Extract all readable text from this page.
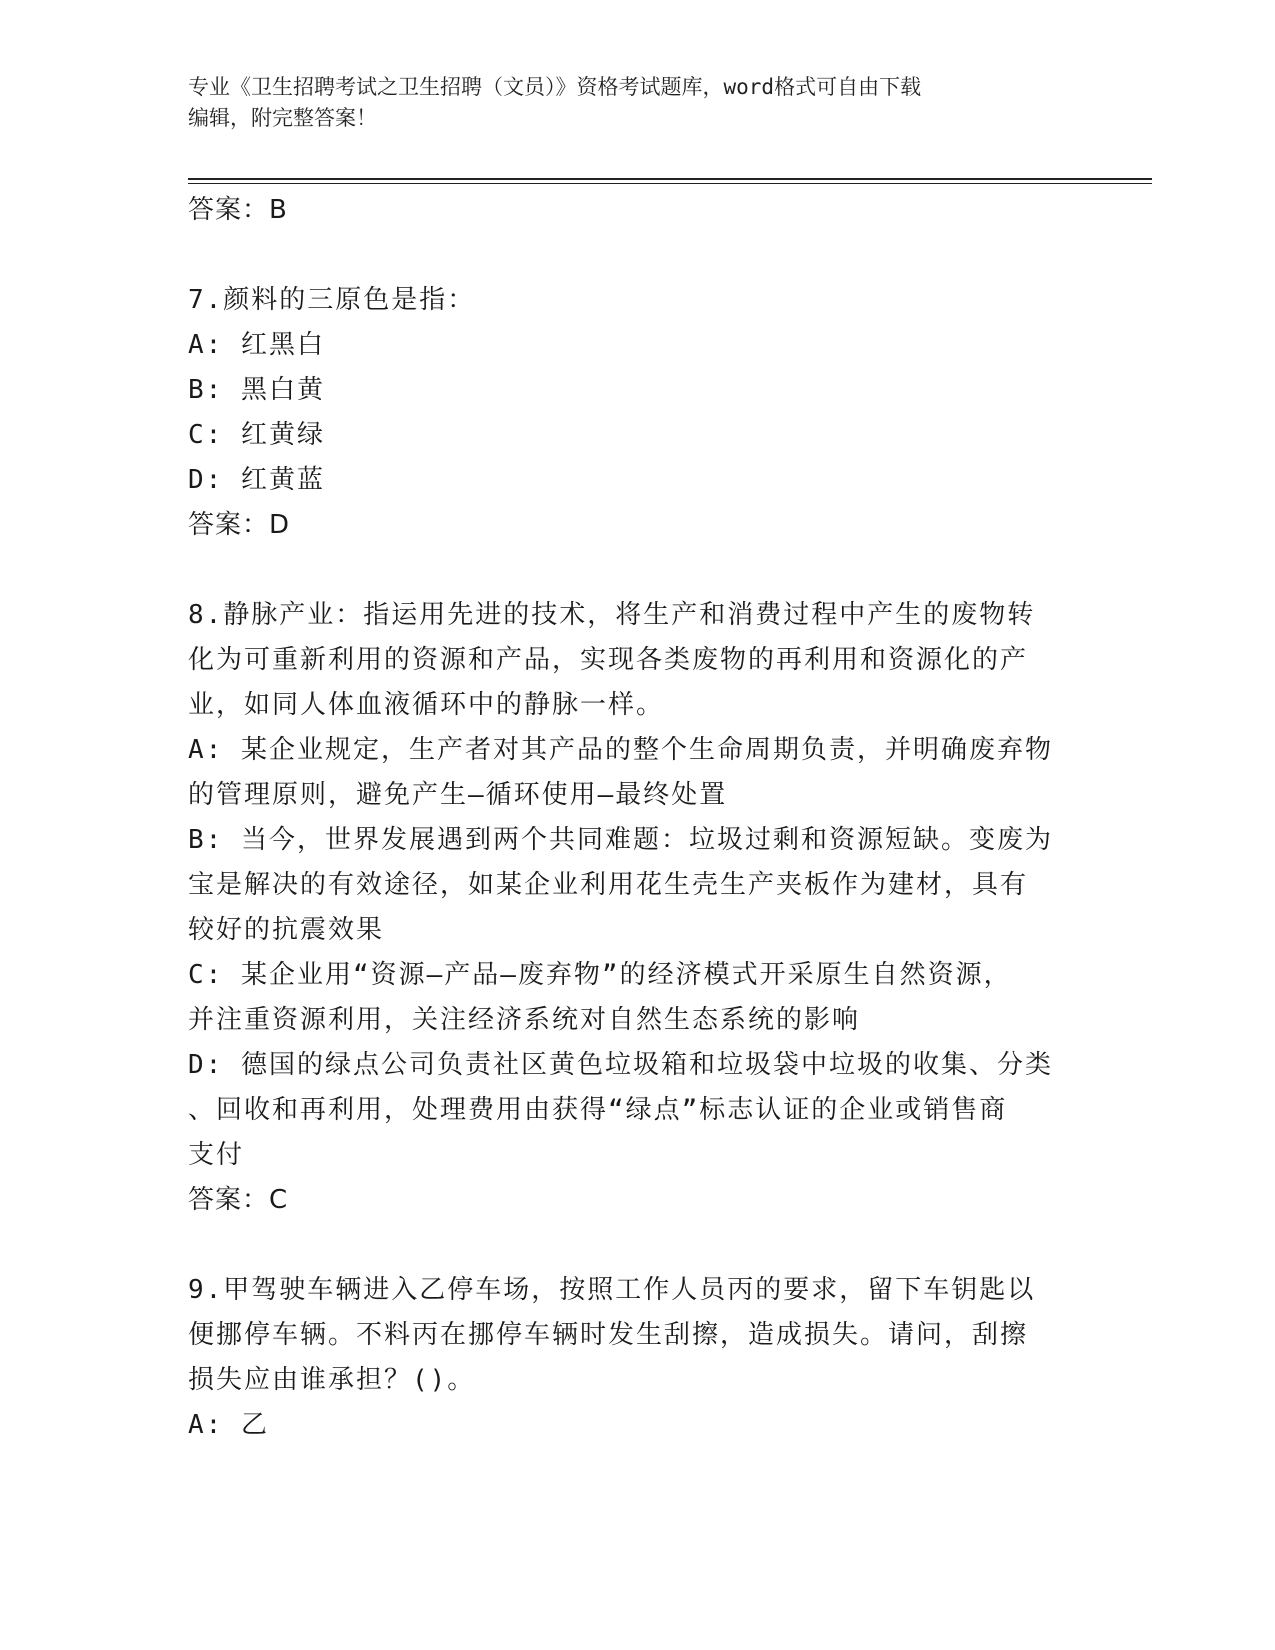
专业《卫生招聘考试之卫生招聘（文员）》资格考试题库，word格式可自由下载
编辑，附完整答案！

答案：B

7.颜料的三原色是指：

A: 红黑白

B: 黑白黄

C: 红黄绿

D: 红黄蓝

答案：D

8.静脉产业：指运用先进的技术，将生产和消费过程中产生的废物转

化为可重新利用的资源和产品，实现各类废物的再利用和资源化的产

业，如同人体血液循环中的静脉一样。

A: 某企业规定，生产者对其产品的整个生命周期负责，并明确废弃物

的管理原则，避免产生—循环使用—最终处置

B: 当今，世界发展遇到两个共同难题：垃圾过剩和资源短缺。变废为

宝是解决的有效途径，如某企业利用花生壳生产夹板作为建材，具有

较好的抗震效果

C: 某企业用“资源—产品—废弃物”的经济模式开采原生自然资源，

并注重资源利用，关注经济系统对自然生态系统的影响

D: 德国的绿点公司负责社区黄色垃圾箱和垃圾袋中垃圾的收集、分类

、回收和再利用，处理费用由获得“绿点”标志认证的企业或销售商

支付

答案：C

9.甲驾驶车辆进入乙停车场，按照工作人员丙的要求，留下车钥匙以

便挪停车辆。不料丙在挪停车辆时发生刮擦，造成损失。请问，刮擦

损失应由谁承担？()。

A: 乙
